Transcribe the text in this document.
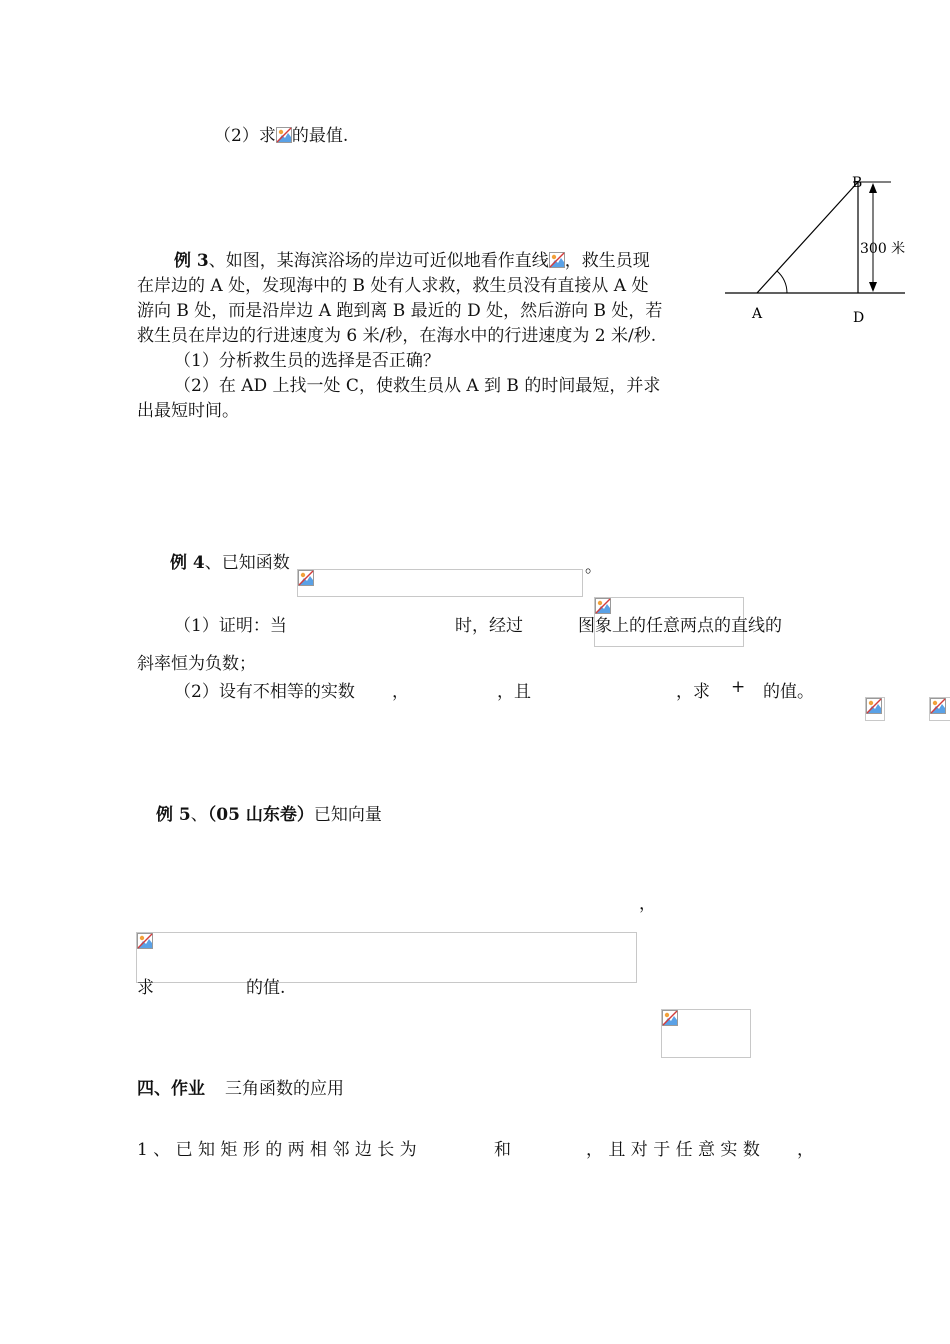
（2）求 的最值.
例 3、如图，某海滨浴场的岸边可近似地看作直线 ，救生员现
在岸边的 A 处，发现海中的 B 处有人求救，救生员没有直接从 A 处
游向 B 处，而是沿岸边 A 跑到离 B 最近的 D 处，然后游向 B 处，若
救生员在岸边的行进速度为 6 米/秒，在海水中的行进速度为 2 米/秒.
（1）分析救生员的选择是否正确？
（2）在 AD 上找一处 C，使救生员从 A 到 B 的时间最短，并求
出最短时间。
A
B
D
300 米
例 4、已知函数
	。
（1）证明：当
	时，经过
	图象上的任意两点的直线的
斜率恒为负数；
（2）设有不相等的实数
，
	，且
	，求
+
的值。
例 5、（05 山东卷）已知向量

，
求
	的值.
四、作业 三角函数的应用
1 、 已 知 矩 形 的 两 相 邻 边 长 为
	和
	， 且 对 于 任 意 实 数 ，
